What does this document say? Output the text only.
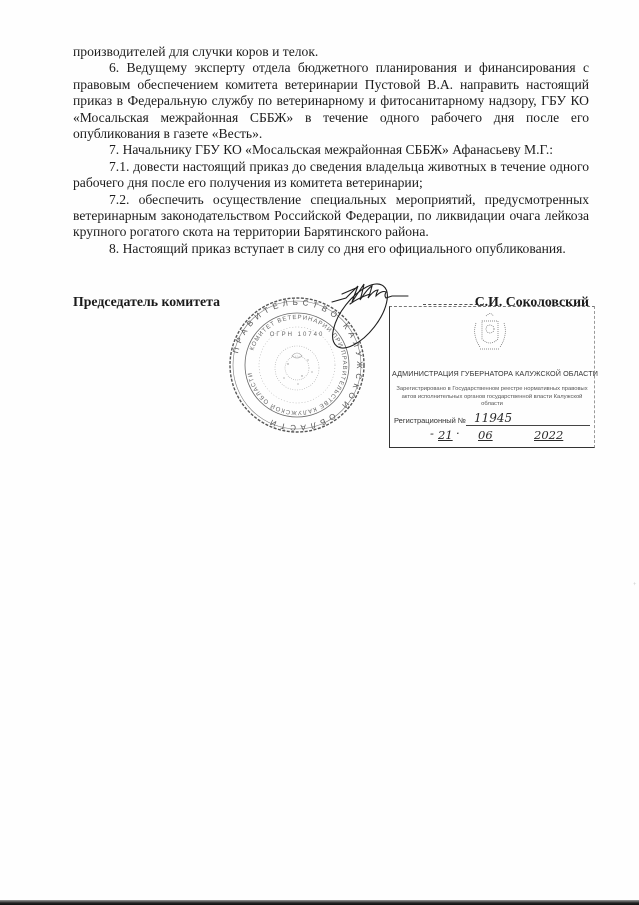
производителей для случки коров и телок.

6. Ведущему эксперту отдела бюджетного планирования и финансирования с правовым обеспечением комитета ветеринарии Пустовой В.А. направить настоящий приказ в Федеральную службу по ветеринарному и фитосанитарному надзору, ГБУ КО «Мосальская межрайонная СББЖ» в течение одного рабочего дня после его опубликования в газете «Весть».

7. Начальнику ГБУ КО «Мосальская межрайонная СББЖ» Афанасьеву М.Г.:

7.1. довести настоящий приказ до сведения владельца животных в течение одного рабочего дня после его получения из комитета ветеринарии;

7.2. обеспечить осуществление специальных мероприятий, предусмотренных ветеринарным законодательством Российской Федерации, по ликвидации очага лейкоза крупного рогатого скота на территории Барятинского района.

8. Настоящий приказ вступает в силу со дня его официального опубликования.

Председатель комитета	С.И. Соколовский
ПРАВИТЕЛЬСТВО КАЛУЖСКОЙ ОБЛАСТИ
КОМИТЕТ ВЕТЕРИНАРИИ ПРИ ПРАВИТЕЛЬСТВЕ КАЛУЖСКОЙ ОБЛАСТИ
ОГРН 10740
АДМИНИСТРАЦИЯ ГУБЕРНАТОРА КАЛУЖСКОЙ ОБЛАСТИ
Зарегистрировано в Государственном реестре нормативных правовых актов исполнительных органов государственной власти Калужской области
Регистрационный № 11945
- 21 · 06	2022
+
